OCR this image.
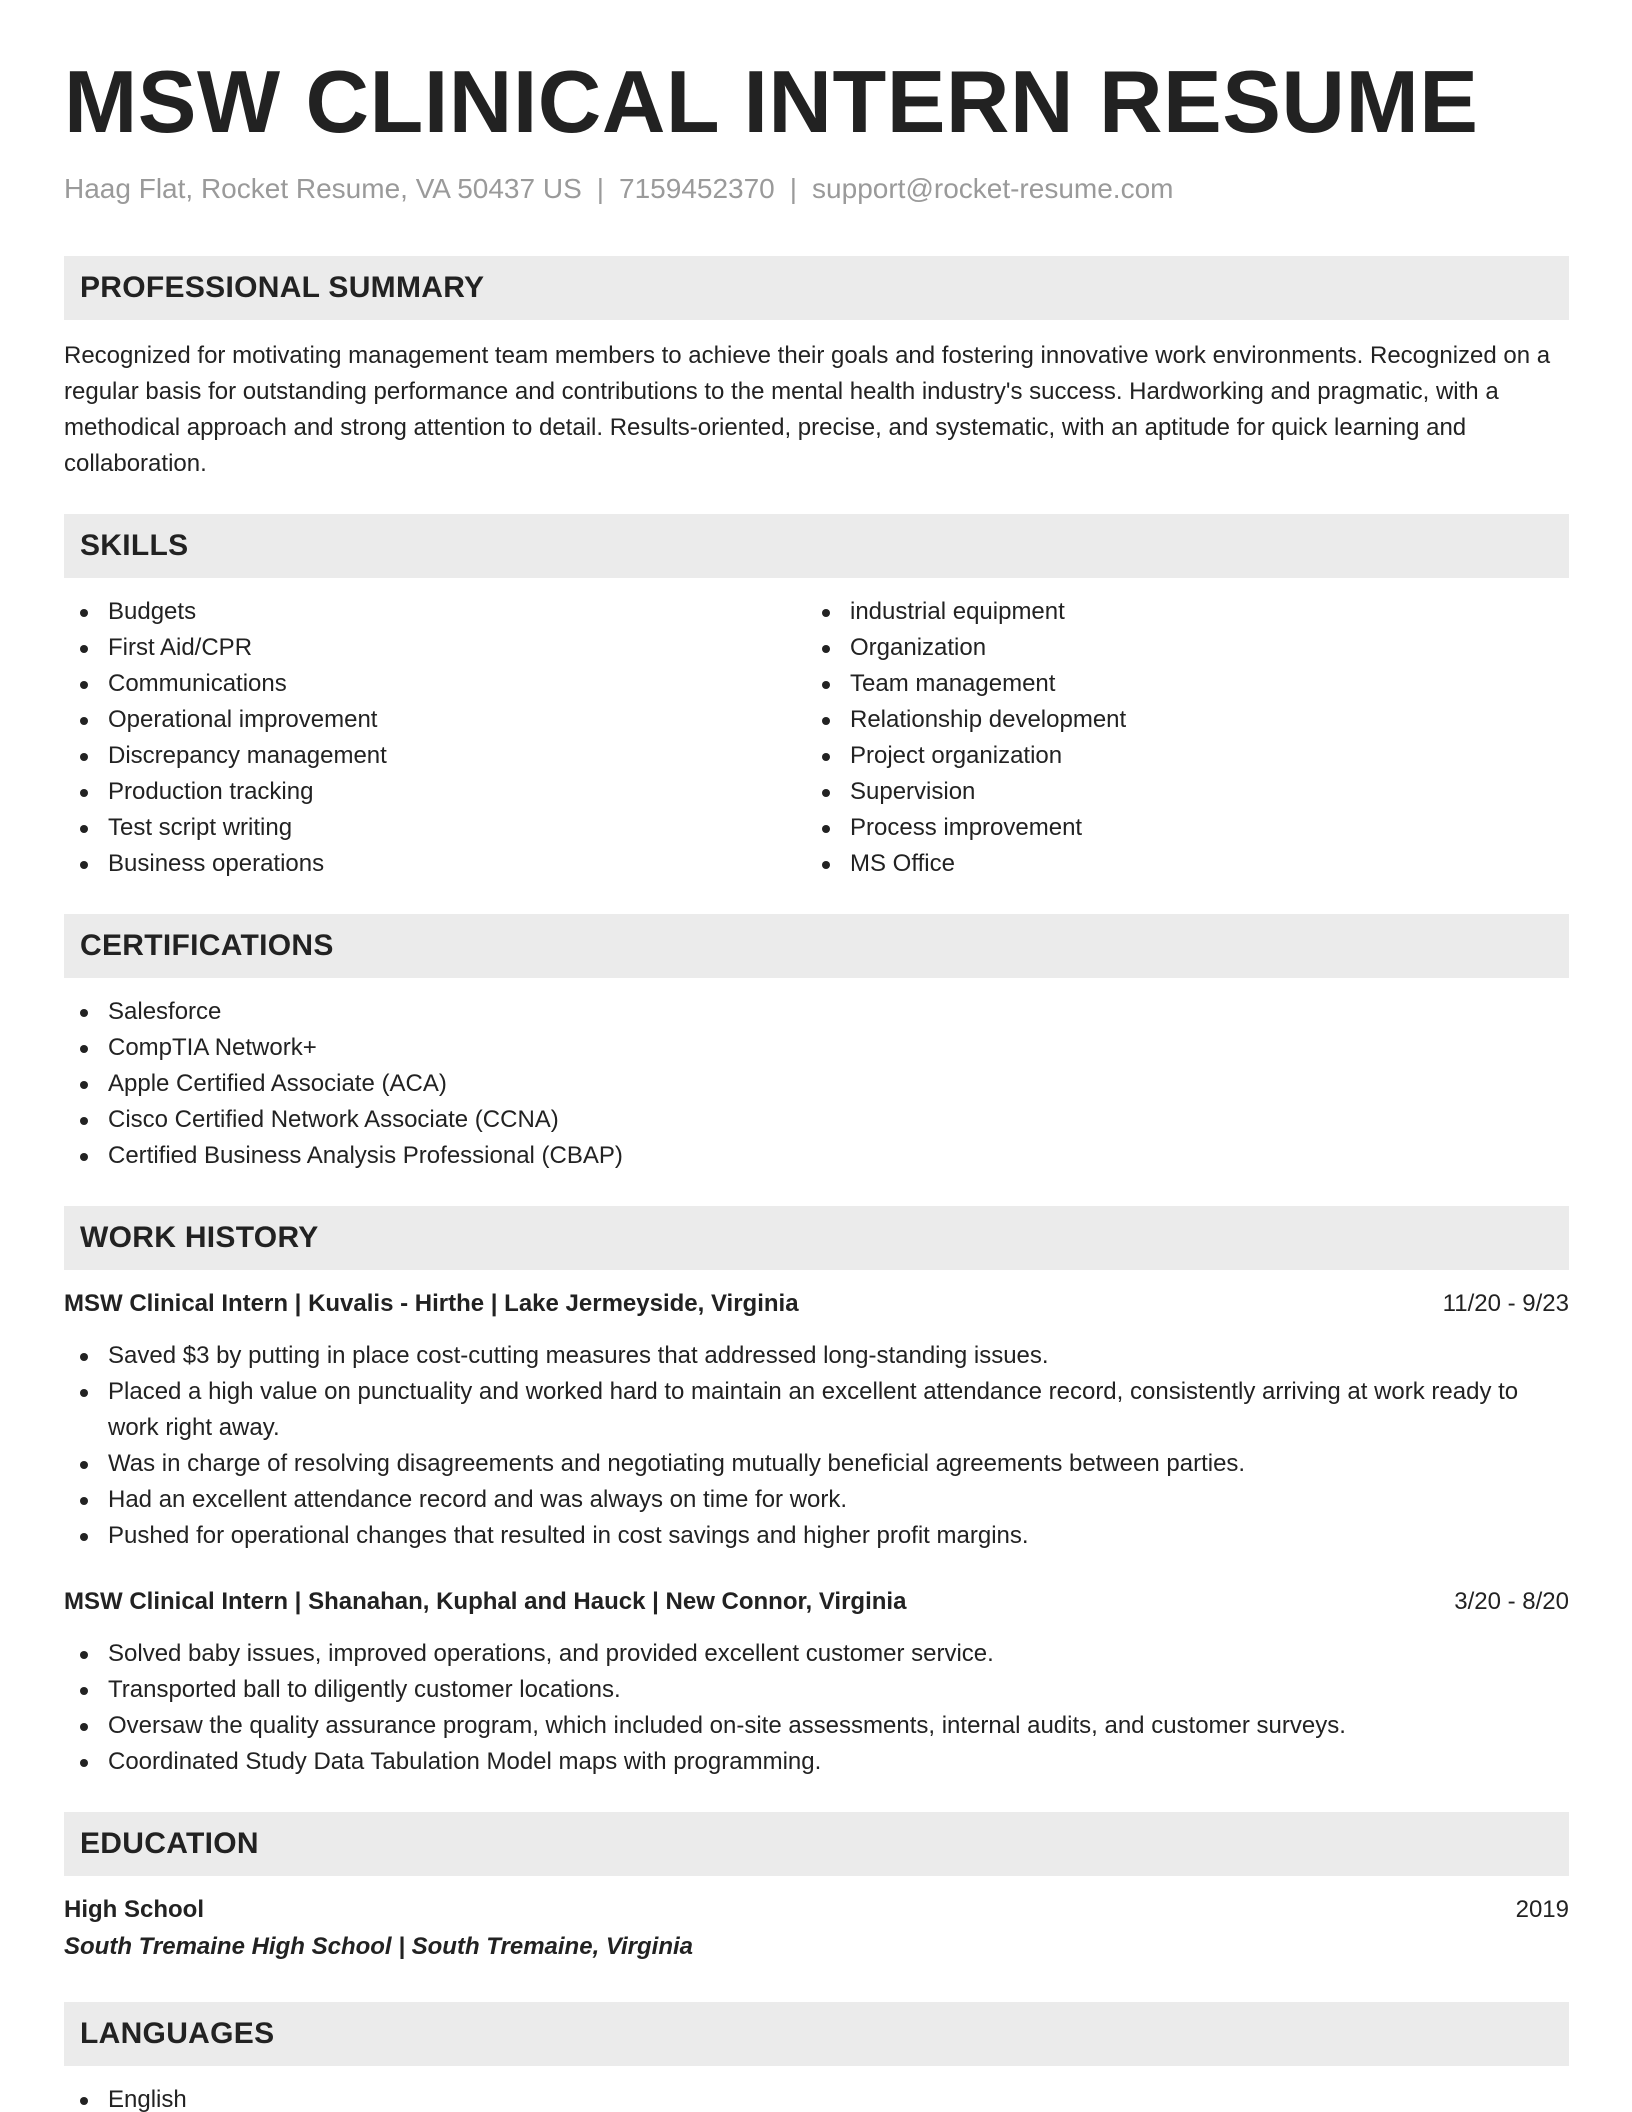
MSW CLINICAL INTERN RESUME
Haag Flat, Rocket Resume, VA 50437 US | 7159452370 | support@rocket-resume.com
PROFESSIONAL SUMMARY

Recognized for motivating management team members to achieve their goals and fostering innovative work environments. Recognized on a regular basis for outstanding performance and contributions to the mental health industry's success. Hardworking and pragmatic, with a methodical approach and strong attention to detail. Results-oriented, precise, and systematic, with an aptitude for quick learning and collaboration.

SKILLS
Budgets
First Aid/CPR
Communications
Operational improvement
Discrepancy management
Production tracking
Test script writing
Business operations
industrial equipment
Organization
Team management
Relationship development
Project organization
Supervision
Process improvement
MS Office
CERTIFICATIONS
Salesforce
CompTIA Network+
Apple Certified Associate (ACA)
Cisco Certified Network Associate (CCNA)
Certified Business Analysis Professional (CBAP)
WORK HISTORY
MSW Clinical Intern | Kuvalis - Hirthe | Lake Jermeyside, Virginia	11/20 - 9/23
Saved $3 by putting in place cost-cutting measures that addressed long-standing issues.
Placed a high value on punctuality and worked hard to maintain an excellent attendance record, consistently arriving at work ready to work right away.
Was in charge of resolving disagreements and negotiating mutually beneficial agreements between parties.
Had an excellent attendance record and was always on time for work.
Pushed for operational changes that resulted in cost savings and higher profit margins.
MSW Clinical Intern | Shanahan, Kuphal and Hauck | New Connor, Virginia	3/20 - 8/20
Solved baby issues, improved operations, and provided excellent customer service.
Transported ball to diligently customer locations.
Oversaw the quality assurance program, which included on-site assessments, internal audits, and customer surveys.
Coordinated Study Data Tabulation Model maps with programming.
EDUCATION
High School	2019
South Tremaine High School | South Tremaine, Virginia
LANGUAGES
English
